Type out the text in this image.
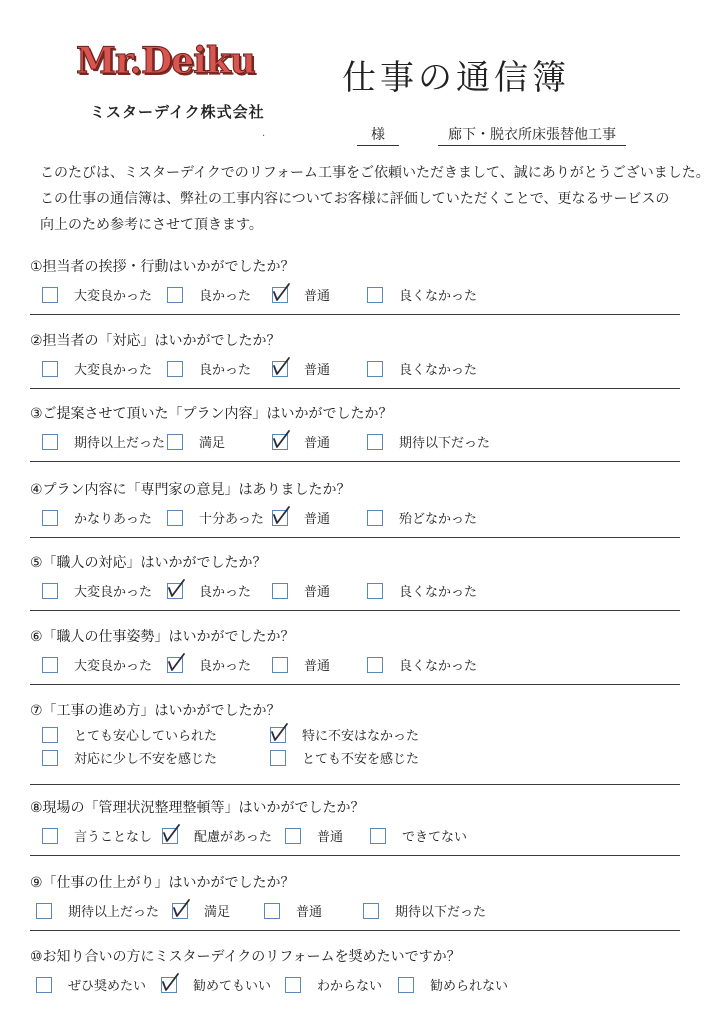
Mr.Deiku	仕事の通信簿
ミスターデイク株式会社
.	様	廊下・脱衣所床張替他工事
このたびは、ミスターデイクでのリフォーム工事をご依頼いただきまして、誠にありがとうございました。
この仕事の通信簿は、弊社の工事内容についてお客様に評価していただくことで、更なるサービスの
向上のため参考にさせて頂きます。
①担当者の挨拶・行動はいかがでしたか？
大変良かった	良かった	普通	良くなかった
②担当者の「対応」はいかがでしたか？
大変良かった	良かった	普通	良くなかった
③ご提案させて頂いた「プラン内容」はいかがでしたか？
期待以上だった	満足	普通	期待以下だった
④プラン内容に「専門家の意見」はありましたか？
かなりあった	十分あった	普通	殆どなかった
⑤「職人の対応」はいかがでしたか？
大変良かった	良かった	普通	良くなかった
⑥「職人の仕事姿勢」はいかがでしたか？
大変良かった	良かった	普通	良くなかった
⑦「工事の進め方」はいかがでしたか？
とても安心していられた	特に不安はなかった
対応に少し不安を感じた	とても不安を感じた
⑧現場の「管理状況整理整頓等」はいかがでしたか？
言うことなし	配慮があった	普通	できてない
⑨「仕事の仕上がり」はいかがでしたか？
期待以上だった	満足	普通	期待以下だった
⑩お知り合いの方にミスターデイクのリフォームを奨めたいですか？
ぜひ奨めたい	勧めてもいい	わからない	勧められない
